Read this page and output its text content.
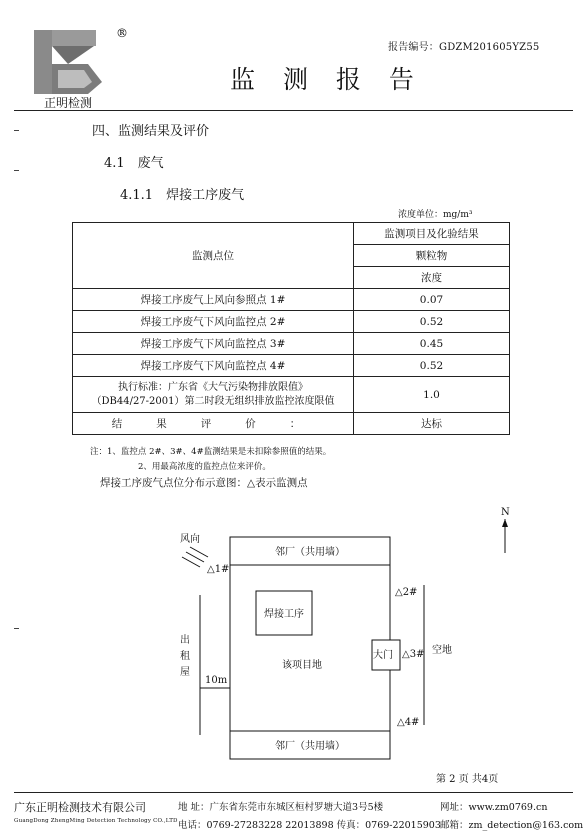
®
正明检测
报告编号：GDZM201605YZ55
监 测 报 告
四、监测结果及评价
4.1　废气
4.1.1　焊接工序废气
浓度单位：mg/m³
监测点位	监测项目及化验结果
	颗粒物
	浓度
焊接工序废气上风向参照点 1#	0.07
焊接工序废气下风向监控点 2#	0.52
焊接工序废气下风向监控点 3#	0.45
焊接工序废气下风向监控点 4#	0.52

执行标准：广东省《大气污染物排放限值》
（DB44/27-2001）第二时段无组织排放监控浓度限值	1.0
结果评价：	达标
注：1、监控点 2#、3#、4#监测结果是未扣除参照值的结果。
2、用最高浓度的监控点位来评价。
焊接工序废气点位分布示意图：△表示监测点
N
风向
△1#
邻厂（共用墙）
邻厂（共用墙）
焊接工序
该项目地
出
租
屋
10m
大门	空地
△2#
△3#
△4#
第 2 页 共4页
广东正明检测技术有限公司
GuangDong ZhengMing Detection Technology CO.,LTD
地 址：广东省东莞市东城区桓村罗塘大道3号5楼
电话：0769-27283228 22013898 传真：0769-22015903
网址：www.zm0769.cn
邮箱：zm_detection@163.com
